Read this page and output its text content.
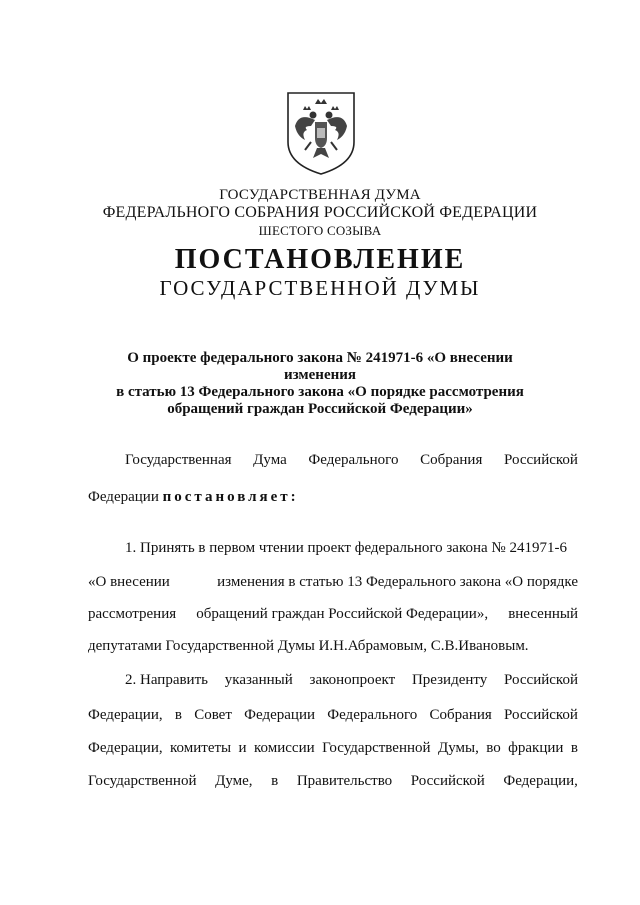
ГОСУДАРСТВЕННАЯ ДУМА
ФЕДЕРАЛЬНОГО СОБРАНИЯ РОССИЙСКОЙ ФЕДЕРАЦИИ
ШЕСТОГО СОЗЫВА
ПОСТАНОВЛЕНИЕ
ГОСУДАРСТВЕННОЙ ДУМЫ
О проекте федерального закона № 241971-6 «О внесении изменения
в статью 13 Федерального закона «О порядке рассмотрения
обращений граждан Российской Федерации»
Государственная Дума Федерального Собрания Российской
Федерации постановляет:
1. Принять в первом чтении проект федерального закона № 241971-6
«О внесении	изменения в статью 13 Федерального закона «О порядке
рассмотрения обращений граждан Российской Федерации», внесенный
депутатами Государственной Думы И.Н.Абрамовым, С.В.Ивановым.
2. Направить указанный законопроект Президенту Российской
Федерации, в Совет Федерации Федерального Собрания Российской
Федерации, комитеты и комиссии Государственной Думы, во фракции в
Государственной Думе, в Правительство Российской Федерации,
